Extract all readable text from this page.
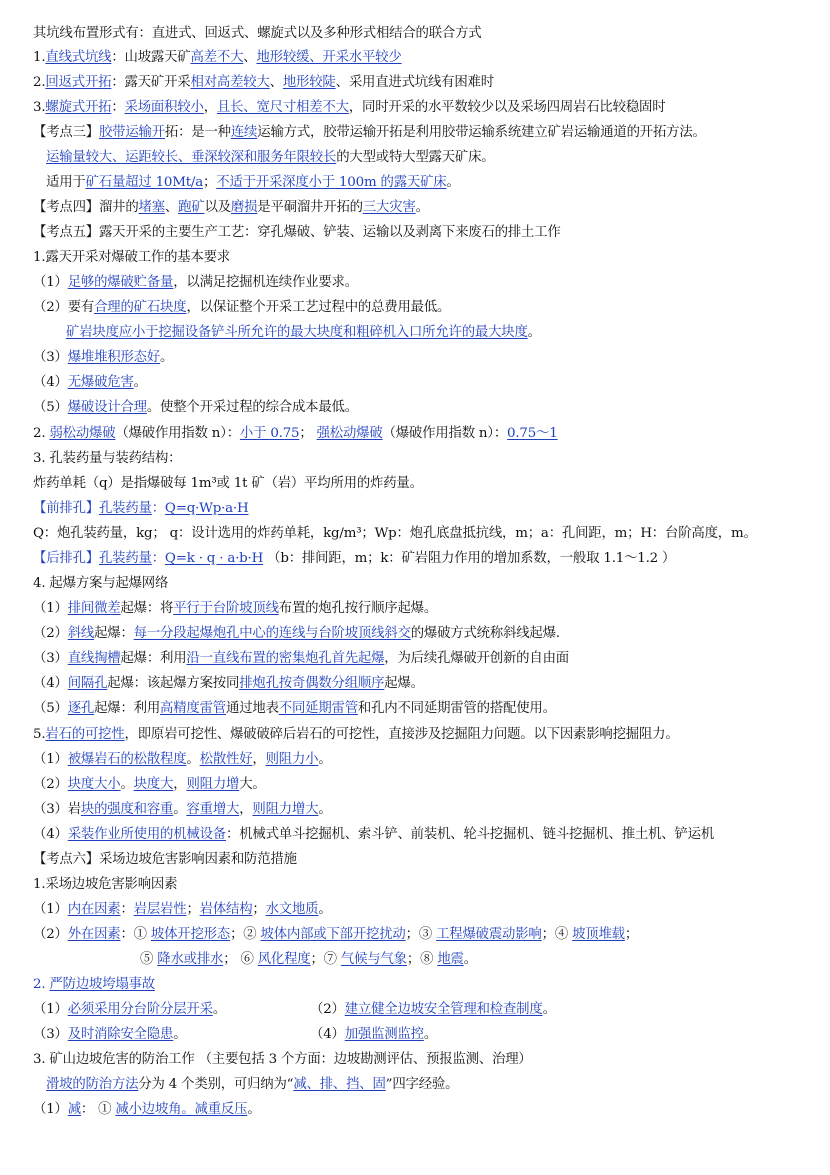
其坑线布置形式有：直进式、回返式、螺旋式以及多种形式相结合的联合方式
1.直线式坑线：山坡露天矿高差不大、地形较缓、开采水平较少
2.回返式开拓：露天矿开采相对高差较大、地形较陡、采用直进式坑线有困难时
3.螺旋式开拓：采场面积较小，且长、宽尺寸相差不大，同时开采的水平数较少以及采场四周岩石比较稳固时
【考点三】胶带运输开拓：是一种连续运输方式，胶带运输开拓是利用胶带运输系统建立矿岩运输通道的开拓方法。
运输量较大、运距较长、垂深较深和服务年限较长的大型或特大型露天矿床。
适用于矿石量超过 10Mt/a；不适于开采深度小于 100m 的露天矿床。
【考点四】溜井的堵塞、跑矿以及磨损是平硐溜井开拓的三大灾害。
【考点五】露天开采的主要生产工艺：穿孔爆破、铲装、运输以及剥离下来废石的排土工作
1.露天开采对爆破工作的基本要求
（1）足够的爆破贮备量，以满足挖掘机连续作业要求。
（2）要有合理的矿石块度，以保证整个开采工艺过程中的总费用最低。
矿岩块度应小于挖掘设备铲斗所允许的最大块度和粗碎机入口所允许的最大块度。
（3）爆堆堆积形态好。
（4）无爆破危害。
（5）爆破设计合理。使整个开采过程的综合成本最低。
2. 弱松动爆破（爆破作用指数 n）：小于 0.75； 强松动爆破（爆破作用指数 n）：0.75～1
3. 孔装药量与装药结构：
炸药单耗（q）是指爆破每 1m³或 1t 矿（岩）平均所用的炸药量。
【前排孔】孔装药量：Q=q·Wp·a·H
Q：炮孔装药量，kg； q：设计选用的炸药单耗，kg/m³；Wp：炮孔底盘抵抗线，m；a：孔间距，m；H：台阶高度，m。
【后排孔】孔装药量：Q=k · q · a·b·H （b：排间距，m；k：矿岩阻力作用的增加系数，一般取 1.1～1.2 ）
4. 起爆方案与起爆网络
（1）排间微差起爆：将平行于台阶坡顶线布置的炮孔按行顺序起爆。
（2）斜线起爆：每一分段起爆炮孔中心的连线与台阶坡顶线斜交的爆破方式统称斜线起爆.
（3）直线掏槽起爆：利用沿一直线布置的密集炮孔首先起爆，为后续孔爆破开创新的自由面
（4）间隔孔起爆：该起爆方案按同排炮孔按奇偶数分组顺序起爆。
（5）逐孔起爆：利用高精度雷管通过地表不同延期雷管和孔内不同延期雷管的搭配使用。
5.岩石的可挖性，即原岩可挖性、爆破破碎后岩石的可挖性，直接涉及挖掘阻力问题。以下因素影响挖掘阻力。
（1）被爆岩石的松散程度。松散性好，则阻力小。
（2）块度大小。块度大，则阻力增大。
（3）岩块的强度和容重。容重增大，则阻力增大。
（4）采装作业所使用的机械设备：机械式单斗挖掘机、索斗铲、前装机、轮斗挖掘机、链斗挖掘机、推土机、铲运机
【考点六】采场边坡危害影响因素和防范措施
1.采场边坡危害影响因素
（1）内在因素：岩层岩性；岩体结构；水文地质。
（2）外在因素：① 坡体开挖形态；② 坡体内部或下部开挖扰动；③ 工程爆破震动影响；④ 坡顶堆载；
⑤ 降水或排水； ⑥ 风化程度；⑦ 气候与气象；⑧ 地震。
2. 严防边坡垮塌事故
（1）必须采用分台阶分层开采。	（2）建立健全边坡安全管理和检查制度。
（3）及时消除安全隐患。	（4）加强监测监控。
3. 矿山边坡危害的防治工作 （主要包括 3 个方面：边坡勘测评估、预报监测、治理）
滑坡的防治方法分为 4 个类别，可归纳为“减、排、挡、固”四字经验。
（1）减： ① 减小边坡角。减重反压。
